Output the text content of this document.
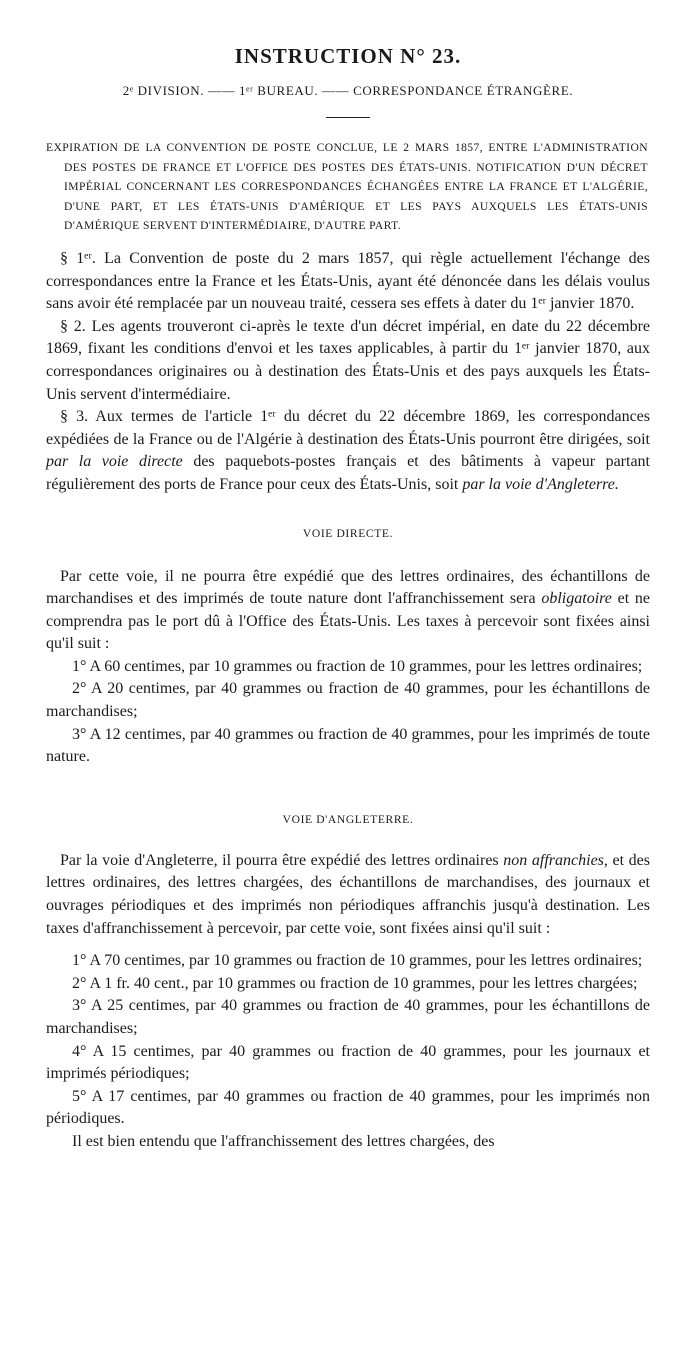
INSTRUCTION N° 23.

2ᵉ DIVISION. —— 1ᵉʳ BUREAU. —— CORRESPONDANCE ÉTRANGÈRE.

EXPIRATION DE LA CONVENTION DE POSTE CONCLUE, LE 2 MARS 1857, ENTRE L'ADMINISTRATION DES POSTES DE FRANCE ET L'OFFICE DES POSTES DES ÉTATS-UNIS. NOTIFICATION D'UN DÉCRET IMPÉRIAL CONCERNANT LES CORRESPONDANCES ÉCHANGÉES ENTRE LA FRANCE ET L'ALGÉRIE, D'UNE PART, ET LES ÉTATS-UNIS D'AMÉRIQUE ET LES PAYS AUXQUELS LES ÉTATS-UNIS D'AMÉRIQUE SERVENT D'INTERMÉDIAIRE, D'AUTRE PART.

§ 1ᵉʳ. La Convention de poste du 2 mars 1857, qui règle actuellement l'échange des correspondances entre la France et les États-Unis, ayant été dénoncée dans les délais voulus sans avoir été remplacée par un nouveau traité, cessera ses effets à dater du 1ᵉʳ janvier 1870.

§ 2. Les agents trouveront ci-après le texte d'un décret impérial, en date du 22 décembre 1869, fixant les conditions d'envoi et les taxes applicables, à partir du 1ᵉʳ janvier 1870, aux correspondances originaires ou à destination des États-Unis et des pays auxquels les États-Unis servent d'intermédiaire.

§ 3. Aux termes de l'article 1ᵉʳ du décret du 22 décembre 1869, les correspondances expédiées de la France ou de l'Algérie à destination des États-Unis pourront être dirigées, soit par la voie directe des paquebots-postes français et des bâtiments à vapeur partant régulièrement des ports de France pour ceux des États-Unis, soit par la voie d'Angleterre.

VOIE DIRECTE.

Par cette voie, il ne pourra être expédié que des lettres ordinaires, des échantillons de marchandises et des imprimés de toute nature dont l'affranchissement sera obligatoire et ne comprendra pas le port dû à l'Office des États-Unis. Les taxes à percevoir sont fixées ainsi qu'il suit :

1° A 60 centimes, par 10 grammes ou fraction de 10 grammes, pour les lettres ordinaires;

2° A 20 centimes, par 40 grammes ou fraction de 40 grammes, pour les échantillons de marchandises;

3° A 12 centimes, par 40 grammes ou fraction de 40 grammes, pour les imprimés de toute nature.

VOIE D'ANGLETERRE.

Par la voie d'Angleterre, il pourra être expédié des lettres ordinaires non affranchies, et des lettres ordinaires, des lettres chargées, des échantillons de marchandises, des journaux et ouvrages périodiques et des imprimés non périodiques affranchis jusqu'à destination. Les taxes d'affranchissement à percevoir, par cette voie, sont fixées ainsi qu'il suit :

1° A 70 centimes, par 10 grammes ou fraction de 10 grammes, pour les lettres ordinaires;

2° A 1 fr. 40 cent., par 10 grammes ou fraction de 10 grammes, pour les lettres chargées;

3° A 25 centimes, par 40 grammes ou fraction de 40 grammes, pour les échantillons de marchandises;

4° A 15 centimes, par 40 grammes ou fraction de 40 grammes, pour les journaux et imprimés périodiques;

5° A 17 centimes, par 40 grammes ou fraction de 40 grammes, pour les imprimés non périodiques.

Il est bien entendu que l'affranchissement des lettres chargées, des
